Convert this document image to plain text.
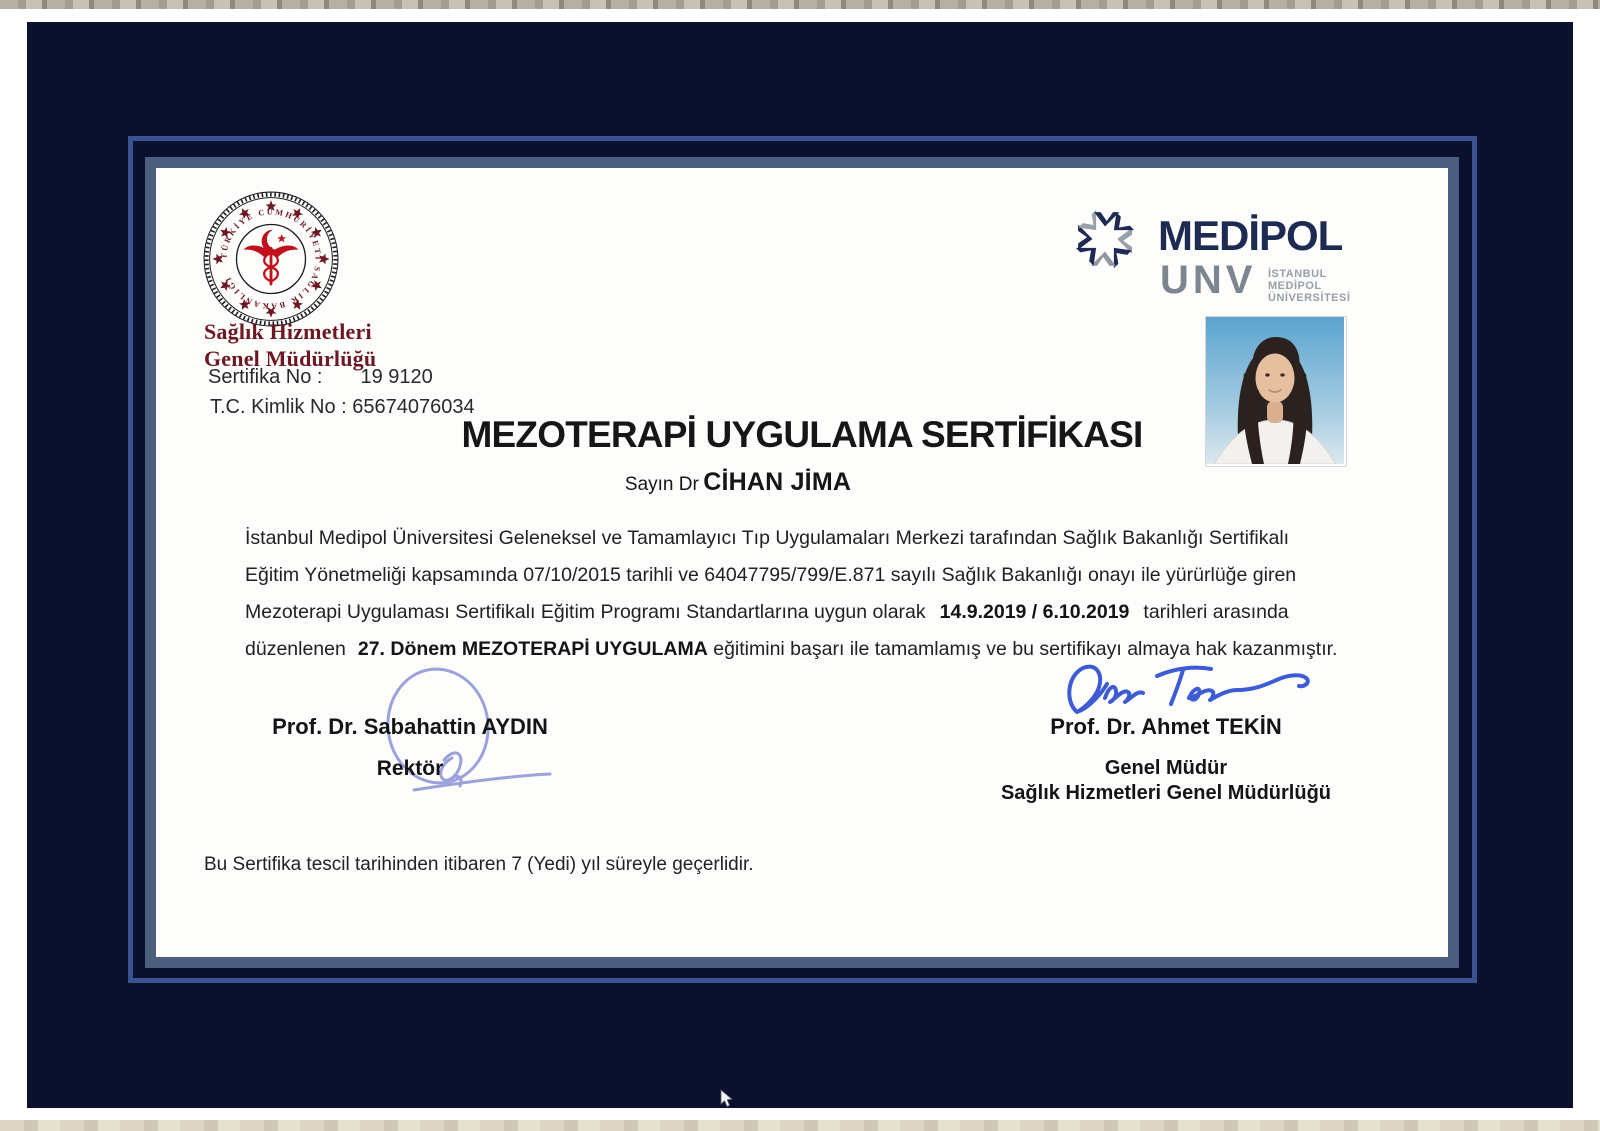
TÜRKİYE CUMHURİYETİ SAĞLIK BAKANLIĞI
Sağlık Hizmetleri
Genel Müdürlüğü
Sertifika No : 19 9120
T.C. Kimlik No : 65674076034
MEDİPOL
UNV İSTANBUL
MEDİPOL
ÜNİVERSİTESİ
MEZOTERAPİ UYGULAMA SERTİFİKASI
Sayın Dr CİHAN JİMA
İstanbul Medipol Üniversitesi Geleneksel ve Tamamlayıcı Tıp Uygulamaları Merkezi tarafından Sağlık Bakanlığı Sertifikalı
Eğitim Yönetmeliği kapsamında 07/10/2015 tarihli ve 64047795/799/E.871 sayılı Sağlık Bakanlığı onayı ile yürürlüğe giren
Mezoterapi Uygulaması Sertifikalı Eğitim Programı Standartlarına uygun olarak 14.9.2019 / 6.10.2019 tarihleri arasında
düzenlenen 27. Dönem MEZOTERAPİ UYGULAMA eğitimini başarı ile tamamlamış ve bu sertifikayı almaya hak kazanmıştır.
Prof. Dr. Sabahattin AYDIN
Rektör
Prof. Dr. Ahmet TEKİN
Genel Müdür
Sağlık Hizmetleri Genel Müdürlüğü
Bu Sertifika tescil tarihinden itibaren 7 (Yedi) yıl süreyle geçerlidir.
